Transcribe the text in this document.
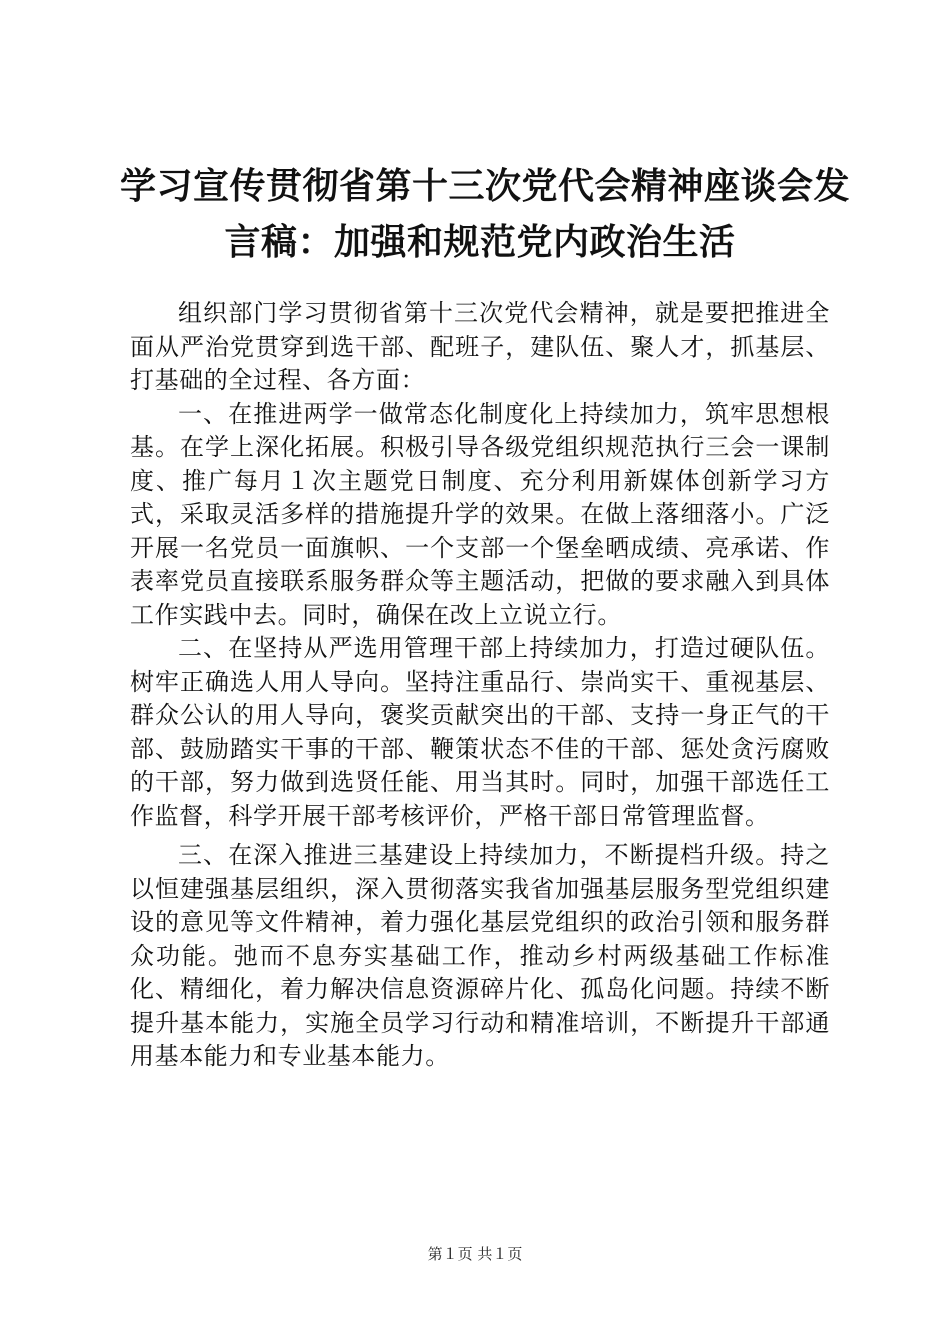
学习宣传贯彻省第十三次党代会精神座谈会发
言稿：加强和规范党内政治生活

组织部门学习贯彻省第十三次党代会精神，就是要把推进全面从严治党贯穿到选干部、配班子，建队伍、聚人才，抓基层、打基础的全过程、各方面：

一、在推进两学一做常态化制度化上持续加力，筑牢思想根基。在学上深化拓展。积极引导各级党组织规范执行三会一课制度、推广每月１次主题党日制度、充分利用新媒体创新学习方式，采取灵活多样的措施提升学的效果。在做上落细落小。广泛开展一名党员一面旗帜、一个支部一个堡垒晒成绩、亮承诺、作表率党员直接联系服务群众等主题活动，把做的要求融入到具体工作实践中去。同时，确保在改上立说立行。

二、在坚持从严选用管理干部上持续加力，打造过硬队伍。树牢正确选人用人导向。坚持注重品行、崇尚实干、重视基层、群众公认的用人导向，褒奖贡献突出的干部、支持一身正气的干部、鼓励踏实干事的干部、鞭策状态不佳的干部、惩处贪污腐败的干部，努力做到选贤任能、用当其时。同时，加强干部选任工作监督，科学开展干部考核评价，严格干部日常管理监督。

三、在深入推进三基建设上持续加力，不断提档升级。持之以恒建强基层组织，深入贯彻落实我省加强基层服务型党组织建设的意见等文件精神，着力强化基层党组织的政治引领和服务群众功能。弛而不息夯实基础工作，推动乡村两级基础工作标准化、精细化，着力解决信息资源碎片化、孤岛化问题。持续不断提升基本能力，实施全员学习行动和精准培训，不断提升干部通用基本能力和专业基本能力。

第１页 共１页
